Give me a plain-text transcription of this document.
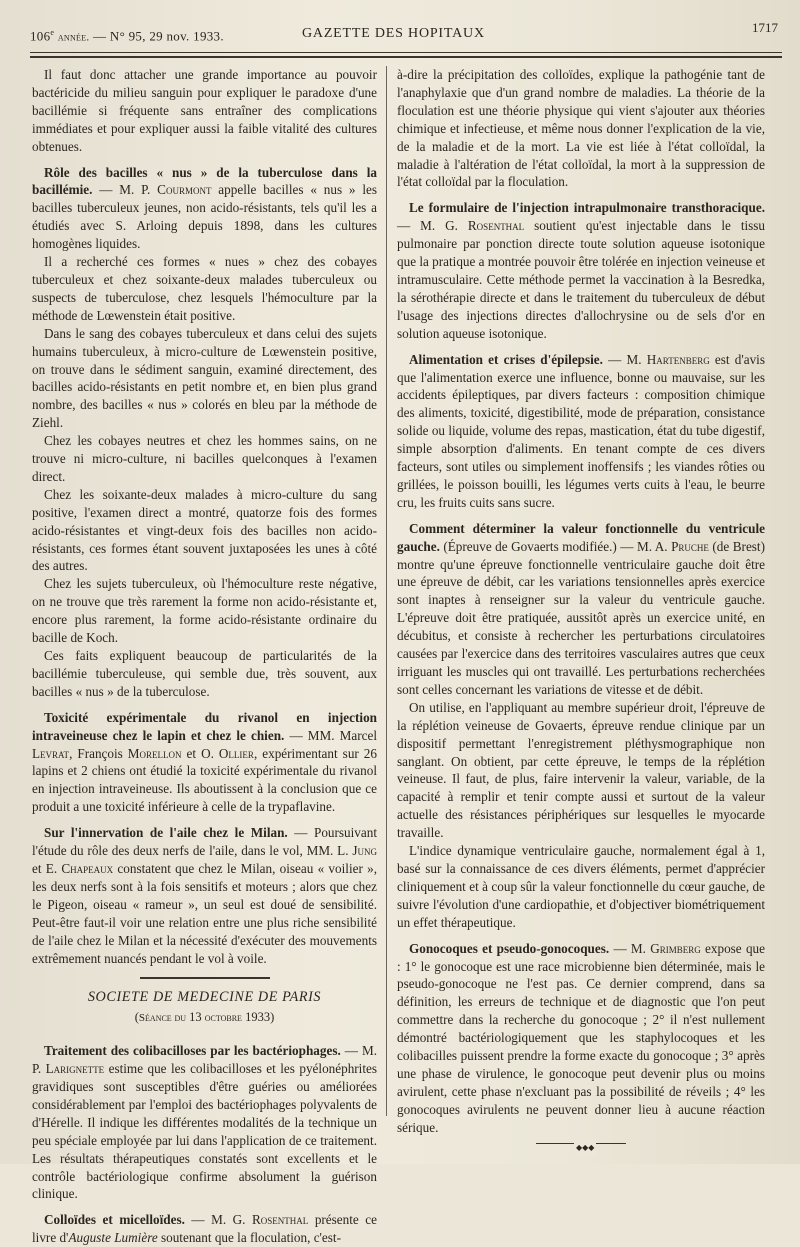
106e année. — N° 95, 29 nov. 1933.	GAZETTE DES HOPITAUX	1717

Il faut donc attacher une grande importance au pouvoir bactéricide du milieu sanguin pour expliquer le paradoxe d'une bacillémie si fréquente sans entraîner des complications immédiates et pour expliquer aussi la faible vitalité des cultures obtenues.

Rôle des bacilles « nus » de la tuberculose dans la bacillémie. — M. P. Courmont appelle bacilles « nus » les bacilles tuberculeux jeunes, non acido-résistants, tels qu'il les a étudiés avec S. Arloing depuis 1898, dans les cultures homogènes liquides.

Il a recherché ces formes « nues » chez des cobayes tuberculeux et chez soixante-deux malades tuberculeux ou suspects de tuberculose, chez lesquels l'hémoculture par la méthode de Lœwenstein était positive.

Dans le sang des cobayes tuberculeux et dans celui des sujets humains tuberculeux, à micro-culture de Lœwenstein positive, on trouve dans le sédiment sanguin, examiné directement, des bacilles acido-résistants en petit nombre et, en bien plus grand nombre, des bacilles « nus » colorés en bleu par la méthode de Ziehl.

Chez les cobayes neutres et chez les hommes sains, on ne trouve ni micro-culture, ni bacilles quelconques à l'examen direct.

Chez les soixante-deux malades à micro-culture du sang positive, l'examen direct a montré, quatorze fois des formes acido-résistantes et vingt-deux fois des bacilles non acido-résistants, ces formes étant souvent juxtaposées les unes à côté des autres.

Chez les sujets tuberculeux, où l'hémoculture reste négative, on ne trouve que très rarement la forme non acido-résistante et, encore plus rarement, la forme acido-résistante ordinaire du bacille de Koch.

Ces faits expliquent beaucoup de particularités de la bacillémie tuberculeuse, qui semble due, très souvent, aux bacilles « nus » de la tuberculose.

Toxicité expérimentale du rivanol en injection intraveineuse chez le lapin et chez le chien. — MM. Marcel Levrat, François Morellon et O. Ollier, expérimentant sur 26 lapins et 2 chiens ont étudié la toxicité expérimentale du rivanol en injection intraveineuse. Ils aboutissent à la conclusion que ce produit a une toxicité inférieure à celle de la trypaflavine.

Sur l'innervation de l'aile chez le Milan. — Poursuivant l'étude du rôle des deux nerfs de l'aile, dans le vol, MM. L. Jung et E. Chapeaux constatent que chez le Milan, oiseau « voilier », les deux nerfs sont à la fois sensitifs et moteurs ; alors que chez le Pigeon, oiseau « rameur », un seul est doué de sensibilité. Peut-être faut-il voir une relation entre une plus riche sensibilité de l'aile chez le Milan et la nécessité d'exécuter des mouvements extrêmement nuancés pendant le vol à voile.

SOCIETE DE MEDECINE DE PARIS
(Séance du 13 octobre 1933)

Traitement des colibacilloses par les bactériophages. — M. P. Larignette estime que les colibacilloses et les pyélonéphrites gravidiques sont susceptibles d'être guéries ou améliorées considérablement par l'emploi des bactériophages polyvalents de d'Hérelle. Il indique les différentes modalités de la technique un peu spéciale employée par lui dans l'application de ce traitement. Les résultats thérapeutiques constatés sont excellents et le contrôle bactériologique confirme absolument la guérison clinique.

Colloïdes et micelloïdes. — M. G. Rosenthal présente ce livre d'Auguste Lumière soutenant que la floculation, c'est-

à-dire la précipitation des colloïdes, explique la pathogénie tant de l'anaphylaxie que d'un grand nombre de maladies. La théorie de la floculation est une théorie physique qui vient s'ajouter aux théories chimique et infectieuse, et même nous donner l'explication de la vie, de la maladie et de la mort. La vie est liée à l'état colloïdal, la maladie à l'altération de l'état colloïdal, la mort à la suppression de l'état colloïdal par la floculation.

Le formulaire de l'injection intrapulmonaire transthoracique. — M. G. Rosenthal soutient qu'est injectable dans le tissu pulmonaire par ponction directe toute solution aqueuse isotonique que la pratique a montrée pouvoir être tolérée en injection veineuse et intramusculaire. Cette méthode permet la vaccination à la Besredka, la sérothérapie directe et dans le traitement du tuberculeux de début l'usage des injections directes d'allochrysine ou de sels d'or en solution aqueuse isotonique.

Alimentation et crises d'épilepsie. — M. Hartenberg est d'avis que l'alimentation exerce une influence, bonne ou mauvaise, sur les accidents épileptiques, par divers facteurs : composition chimique des aliments, toxicité, digestibilité, mode de préparation, consistance solide ou liquide, volume des repas, mastication, état du tube digestif, simple absorption d'aliments. En tenant compte de ces divers facteurs, sont utiles ou simplement inoffensifs ; les viandes rôties ou grillées, le poisson bouilli, les légumes verts cuits à l'eau, le beurre cru, les fruits cuits sans sucre.

Comment déterminer la valeur fonctionnelle du ventricule gauche. (Épreuve de Govaerts modifiée.) — M. A. Pruche (de Brest) montre qu'une épreuve fonctionnelle ventriculaire gauche doit être une épreuve de débit, car les variations tensionnelles après exercice sont inaptes à renseigner sur la valeur du ventricule gauche. L'épreuve doit être pratiquée, aussitôt après un exercice unité, en décubitus, et consiste à rechercher les perturbations circulatoires causées par l'exercice dans des territoires vasculaires autres que ceux irriguant les muscles qui ont travaillé. Les perturbations recherchées sont celles concernant les variations de vitesse et de débit.

On utilise, en l'appliquant au membre supérieur droit, l'épreuve de la réplétion veineuse de Govaerts, épreuve rendue clinique par un dispositif permettant l'enregistrement pléthysmographique non sanglant. On obtient, par cette épreuve, le temps de la réplétion veineuse. Il faut, de plus, faire intervenir la valeur, variable, de la capacité à remplir et tenir compte aussi et surtout de la valeur actuelle des résistances périphériques sur lesquelles le myocarde travaille.

L'indice dynamique ventriculaire gauche, normalement égal à 1, basé sur la connaissance de ces divers éléments, permet d'apprécier cliniquement et à coup sûr la valeur fonctionnelle du cœur gauche, de suivre l'évolution d'une cardiopathie, et d'objectiver biométriquement un effet thérapeutique.

Gonocoques et pseudo-gonocoques. — M. Grimberg expose que : 1° le gonocoque est une race microbienne bien déterminée, mais le pseudo-gonocoque ne l'est pas. Ce dernier comprend, dans sa définition, les erreurs de technique et de diagnostic que l'on peut commettre dans la recherche du gonocoque ; 2° il n'est nullement démontré bactériologiquement que les staphylocoques et les colibacilles puissent prendre la forme exacte du gonocoque ; 3° après une phase de virulence, le gonocoque peut devenir plus ou moins avirulent, cette phase n'excluant pas la possibilité de réveils ; 4° les gonocoques avirulents ne peuvent donner lieu à aucune réaction sérique.

◆◆◆
